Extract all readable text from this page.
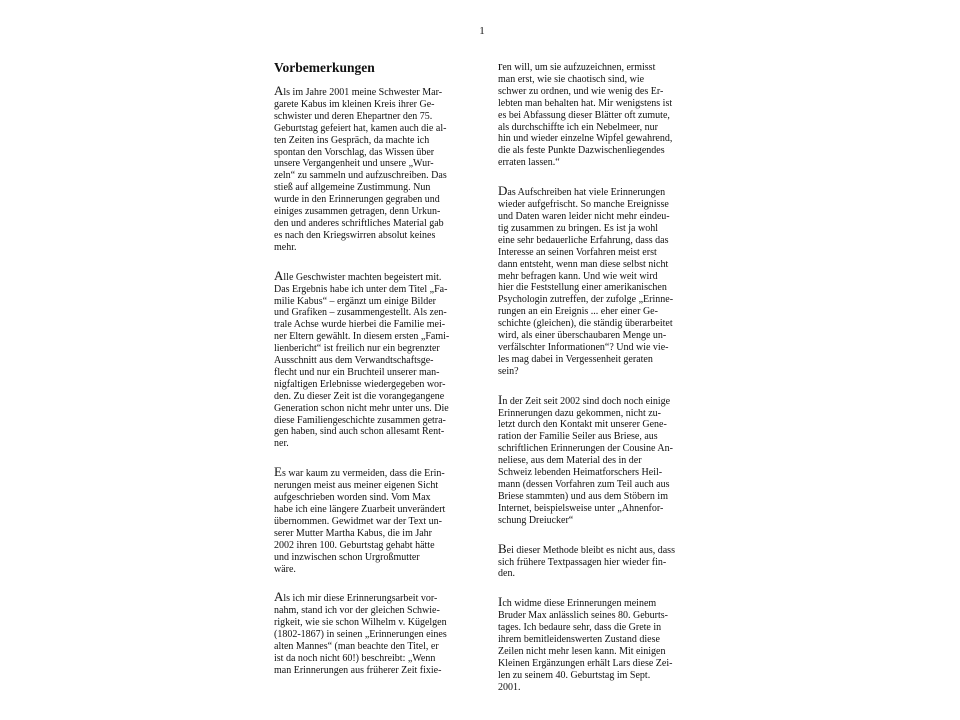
1
Vorbemerkungen
Als im Jahre 2001 meine Schwester Mar-
garete Kabus im kleinen Kreis ihrer Ge-
schwister und deren Ehepartner den 75.
Geburtstag gefeiert hat, kamen auch die al-
ten Zeiten ins Gespräch, da machte ich
spontan den Vorschlag, das Wissen über
unsere Vergangenheit und unsere „Wur-
zeln“ zu sammeln und aufzuschreiben. Das
stieß auf allgemeine Zustimmung. Nun
wurde in den Erinnerungen gegraben und
einiges zusammen getragen, denn Urkun-
den und anderes schriftliches Material gab
es nach den Kriegswirren absolut keines
mehr.
Alle Geschwister machten begeistert mit.
Das Ergebnis habe ich unter dem Titel „Fa-
milie Kabus“ – ergänzt um einige Bilder
und Grafiken – zusammengestellt. Als zen-
trale Achse wurde hierbei die Familie mei-
ner Eltern gewählt. In diesem ersten „Fami-
lienbericht“ ist freilich nur ein begrenzter
Ausschnitt aus dem Verwandtschaftsge-
flecht und nur ein Bruchteil unserer man-
nigfaltigen Erlebnisse wiedergegeben wor-
den. Zu dieser Zeit ist die vorangegangene
Generation schon nicht mehr unter uns. Die
diese Familiengeschichte zusammen getra-
gen haben, sind auch schon allesamt Rent-
ner.
Es war kaum zu vermeiden, dass die Erin-
nerungen meist aus meiner eigenen Sicht
aufgeschrieben worden sind. Vom Max
habe ich eine längere Zuarbeit unverändert
übernommen. Gewidmet war der Text un-
serer Mutter Martha Kabus, die im Jahr
2002 ihren 100. Geburtstag gehabt hätte
und inzwischen schon Urgroßmutter
wäre.
Als ich mir diese Erinnerungsarbeit vor-
nahm, stand ich vor der gleichen Schwie-
rigkeit, wie sie schon Wilhelm v. Kügelgen
(1802-1867) in seinen „Erinnerungen eines
alten Mannes“ (man beachte den Titel, er
ist da noch nicht 60!) beschreibt: „Wenn
man Erinnerungen aus früherer Zeit fixie-
ren will, um sie aufzuzeichnen, ermisst
man erst, wie sie chaotisch sind, wie
schwer zu ordnen, und wie wenig des Er-
lebten man behalten hat. Mir wenigstens ist
es bei Abfassung dieser Blätter oft zumute,
als durchschiffte ich ein Nebelmeer, nur
hin und wieder einzelne Wipfel gewahrend,
die als feste Punkte Dazwischenliegendes
erraten lassen.“
Das Aufschreiben hat viele Erinnerungen
wieder aufgefrischt. So manche Ereignisse
und Daten waren leider nicht mehr eindeu-
tig zusammen zu bringen. Es ist ja wohl
eine sehr bedauerliche Erfahrung, dass das
Interesse an seinen Vorfahren meist erst
dann entsteht, wenn man diese selbst nicht
mehr befragen kann. Und wie weit wird
hier die Feststellung einer amerikanischen
Psychologin zutreffen, der zufolge „Erinne-
rungen an ein Ereignis ... eher einer Ge-
schichte (gleichen), die ständig überarbeitet
wird, als einer überschaubaren Menge un-
verfälschter Informationen“? Und wie vie-
les mag dabei in Vergessenheit geraten
sein?
In der Zeit seit 2002 sind doch noch einige
Erinnerungen dazu gekommen, nicht zu-
letzt durch den Kontakt mit unserer Gene-
ration der Familie Seiler aus Briese, aus
schriftlichen Erinnerungen der Cousine An-
neliese, aus dem Material des in der
Schweiz lebenden Heimatforschers Heil-
mann (dessen Vorfahren zum Teil auch aus
Briese stammten) und aus dem Stöbern im
Internet, beispielsweise unter „Ahnenfor-
schung Dreiucker“
Bei dieser Methode bleibt es nicht aus, dass
sich frühere Textpassagen hier wieder fin-
den.
Ich widme diese Erinnerungen meinem
Bruder Max anlässlich seines 80. Geburts-
tages. Ich bedaure sehr, dass die Grete in
ihrem bemitleidenswerten Zustand diese
Zeilen nicht mehr lesen kann. Mit einigen
Kleinen Ergänzungen erhält Lars diese Zei-
len zu seinem 40. Geburtstag im Sept.
2001.
